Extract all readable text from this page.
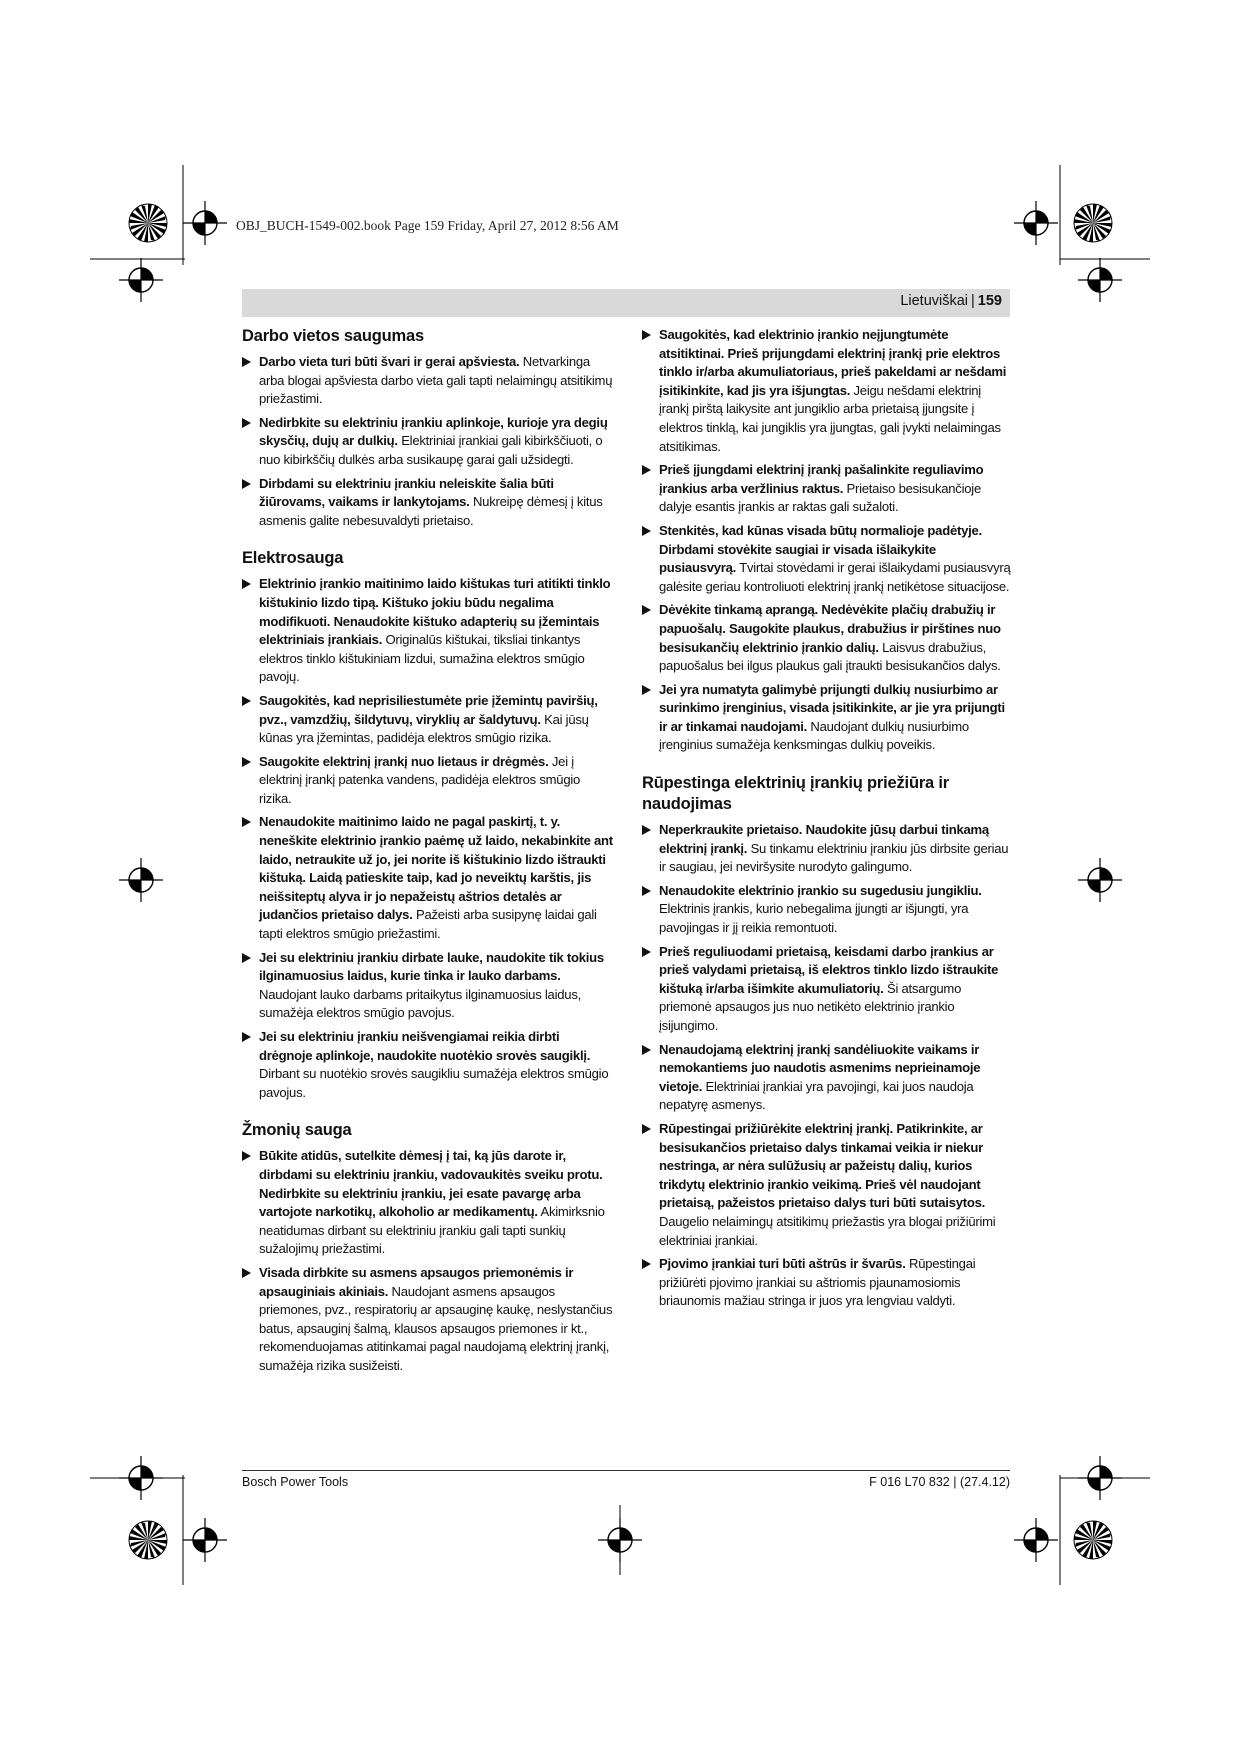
OBJ_BUCH-1549-002.book Page 159 Friday, April 27, 2012 8:56 AM
Lietuviškai | 159
Darbo vietos saugumas
Darbo vieta turi būti švari ir gerai apšviesta. Netvarkinga arba blogai apšviesta darbo vieta gali tapti nelaimingų atsitikimų priežastimi.
Nedirbkite su elektriniu įrankiu aplinkoje, kurioje yra degių skysčių, dujų ar dulkių. Elektriniai įrankiai gali kibirkščiuoti, o nuo kibirkščių dulkės arba susikaupę garai gali užsidegti.
Dirbdami su elektriniu įrankiu neleiskite šalia būti žiūrovams, vaikams ir lankytojams. Nukreipę dėmesį į kitus asmenis galite nebesuvaldyti prietaiso.
Elektrosauga
Elektrinio įrankio maitinimo laido kištukas turi atitikti tinklo kištukinio lizdo tipą. Kištuko jokiu būdu negalima modifikuoti. Nenaudokite kištuko adapterių su įžemintais elektriniais įrankiais. Originalūs kištukai, tiksliai tinkantys elektros tinklo kištukiniam lizdui, sumažina elektros smūgio pavojų.
Saugokitės, kad neprisiliestumėte prie įžemintų paviršių, pvz., vamzdžių, šildytuvų, viryklių ar šaldytuvų. Kai jūsų kūnas yra įžemintas, padidėja elektros smūgio rizika.
Saugokite elektrinį įrankį nuo lietaus ir drėgmės. Jei į elektrinį įrankį patenka vandens, padidėja elektros smūgio rizika.
Nenaudokite maitinimo laido ne pagal paskirtį, t. y. neneškite elektrinio įrankio paėmę už laido, nekabinkite ant laido, netraukite už jo, jei norite iš kištukinio lizdo ištraukti kištuką. Laidą patieskite taip, kad jo neveiktų karštis, jis neišsiteptų alyva ir jo nepažeistų aštrios detalės ar judančios prietaiso dalys. Pažeisti arba susipynę laidai gali tapti elektros smūgio priežastimi.
Jei su elektriniu įrankiu dirbate lauke, naudokite tik tokius ilginamuosius laidus, kurie tinka ir lauko darbams. Naudojant lauko darbams pritaikytus ilginamuosius laidus, sumažėja elektros smūgio pavojus.
Jei su elektriniu įrankiu neišvengiamai reikia dirbti drėgnoje aplinkoje, naudokite nuotėkio srovės saugiklį. Dirbant su nuotėkio srovės saugikliu sumažėja elektros smūgio pavojus.
Žmonių sauga
Būkite atidūs, sutelkite dėmesį į tai, ką jūs darote ir, dirbdami su elektriniu įrankiu, vadovaukitės sveiku protu. Nedirbkite su elektriniu įrankiu, jei esate pavargę arba vartojote narkotikų, alkoholio ar medikamentų. Akimirksnio neatidumas dirbant su elektriniu įrankiu gali tapti sunkių sužalojimų priežastimi.
Visada dirbkite su asmens apsaugos priemonėmis ir apsauginiais akiniais. Naudojant asmens apsaugos priemones, pvz., respiratorių ar apsauginę kaukę, neslystančius batus, apsauginį šalmą, klausos apsaugos priemones ir kt., rekomenduojamas atitinkamai pagal naudojamą elektrinį įrankį, sumažėja rizika susižeisti.
Saugokitės, kad elektrinio įrankio neįjungtumėte atsitiktinai. Prieš prijungdami elektrinį įrankį prie elektros tinklo ir/arba akumuliatoriaus, prieš pakeldami ar nešdami įsitikinkite, kad jis yra išjungtas. Jeigu nešdami elektrinį įrankį pirštą laikysite ant jungiklio arba prietaisą įjungsite į elektros tinklą, kai jungiklis yra įjungtas, gali įvykti nelaimingas atsitikimas.
Prieš įjungdami elektrinį įrankį pašalinkite reguliavimo įrankius arba veržlinius raktus. Prietaiso besisukančioje dalyje esantis įrankis ar raktas gali sužaloti.
Stenkitės, kad kūnas visada būtų normalioje padėtyje. Dirbdami stovėkite saugiai ir visada išlaikykite pusiausvyrą. Tvirtai stovėdami ir gerai išlaikydami pusiausvyrą galėsite geriau kontroliuoti elektrinį įrankį netikėtose situacijose.
Dėvėkite tinkamą aprangą. Nedėvėkite plačių drabužių ir papuošalų. Saugokite plaukus, drabužius ir pirštines nuo besisukančių elektrinio įrankio dalių. Laisvus drabužius, papuošalus bei ilgus plaukus gali įtraukti besisukančios dalys.
Jei yra numatyta galimybė prijungti dulkių nusiurbimo ar surinkimo įrenginius, visada įsitikinkite, ar jie yra prijungti ir ar tinkamai naudojami. Naudojant dulkių nusiurbimo įrenginius sumažėja kenksmingas dulkių poveikis.
Rūpestinga elektrinių įrankių priežiūra ir naudojimas
Neperkraukite prietaiso. Naudokite jūsų darbui tinkamą elektrinį įrankį. Su tinkamu elektriniu įrankiu jūs dirbsite geriau ir saugiau, jei neviršysite nurodyto galingumo.
Nenaudokite elektrinio įrankio su sugedusiu jungikliu. Elektrinis įrankis, kurio nebegalima įjungti ar išjungti, yra pavojingas ir jį reikia remontuoti.
Prieš reguliuodami prietaisą, keisdami darbo įrankius ar prieš valydami prietaisą, iš elektros tinklo lizdo ištraukite kištuką ir/arba išimkite akumuliatorių. Ši atsargumo priemonė apsaugos jus nuo netikėto elektrinio įrankio įsijungimo.
Nenaudojamą elektrinį įrankį sandėliuokite vaikams ir nemokantiems juo naudotis asmenims neprieinamoje vietoje. Elektriniai įrankiai yra pavojingi, kai juos naudoja nepatyrę asmenys.
Rūpestingai prižiūrėkite elektrinį įrankį. Patikrinkite, ar besisukančios prietaiso dalys tinkamai veikia ir niekur nestringa, ar nėra sulūžusių ar pažeistų dalių, kurios trikdytų elektrinio įrankio veikimą. Prieš vėl naudojant prietaisą, pažeistos prietaiso dalys turi būti sutaisytos. Daugelio nelaimingų atsitikimų priežastis yra blogai prižiūrimi elektriniai įrankiai.
Pjovimo įrankiai turi būti aštrūs ir švarūs. Rūpestingai prižiūrėti pjovimo įrankiai su aštriomis pjaunamosiomis briaunomis mažiau stringa ir juos yra lengviau valdyti.
Bosch Power Tools	F 016 L70 832 | (27.4.12)
